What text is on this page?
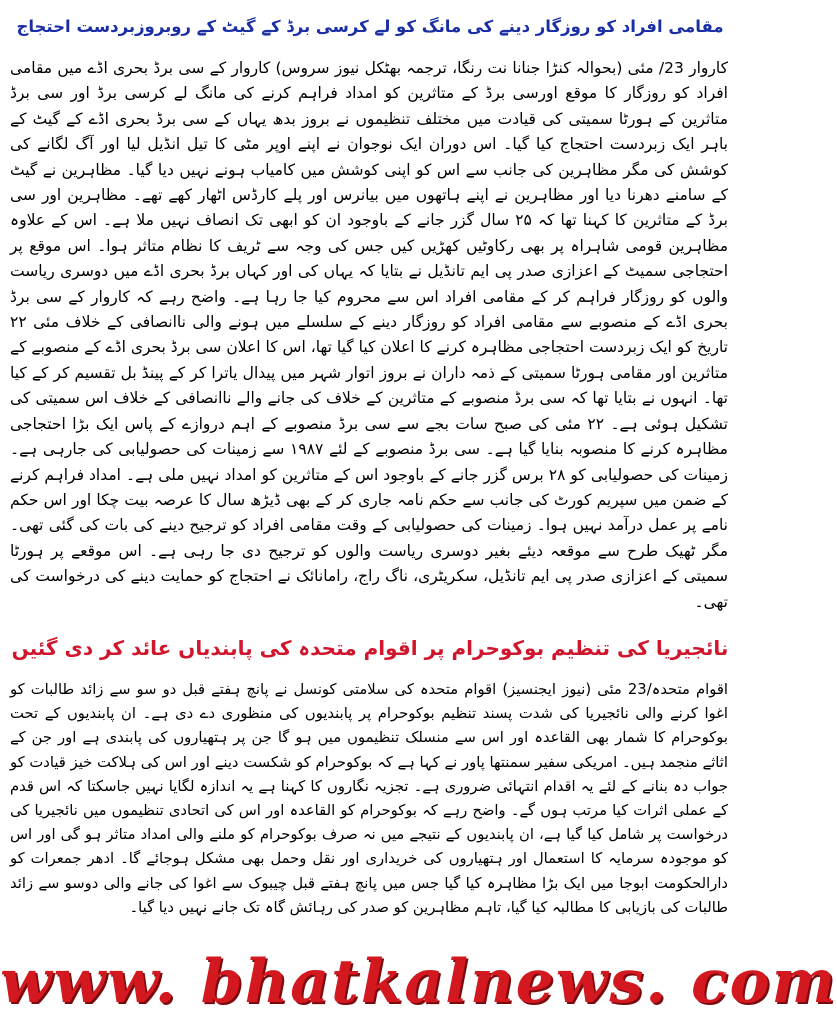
مقامی افراد کو روزگار دینے کی مانگ کو لے کرسی برڈ کے گیٹ کے روبروزبردست احتجاج
کاروار 23/ مئی (بحوالہ کنڑا جنانا نت رنگا، ترجمہ بھٹکل نیوز سروس) کاروار کے سی برڈ بحری اڈے میں مقامی افراد کو روزگار کا موقع اورسی برڈ کے متاثرین کو امداد فراہم کرنے کی مانگ لے کرسی برڈ اور سی برڈ متاثرین کے ہورٹا سمیتی کی قیادت میں مختلف تنظیموں نے بروز بدھ یہاں کے سی برڈ بحری اڈے کے گیٹ کے باہر ایک زبردست احتجاج کیا گیا۔ اس دوران ایک نوجوان نے اپنے اوپر مٹی کا تیل انڈیل لیا اور آگ لگانے کی کوشش کی مگر مظاہرین کی جانب سے اس کو اپنی کوشش میں کامیاب ہونے نہیں دیا گیا۔ مظاہرین نے گیٹ کے سامنے دھرنا دیا اور مظاہرین نے اپنے ہاتھوں میں بیانرس اور پلے کارڈس اٹھار کھے تھے۔ مظاہرین اور سی برڈ کے متاثرین کا کہنا تھا کہ ۲۵ سال گزر جانے کے باوجود ان کو ابھی تک انصاف نہیں ملا ہے۔ اس کے علاوہ مظاہرین قومی شاہراہ پر بھی رکاوٹیں کھڑیں کیں جس کی وجہ سے ٹریف کا نظام متاثر ہوا۔ اس موقع پر احتجاجی سمیٹ کے اعزازی صدر پی ایم تانڈیل نے بتایا کہ یہاں کی اور کہاں برڈ بحری اڈے میں دوسری ریاست والوں کو روزگار فراہم کر کے مقامی افراد اس سے محروم کیا جا رہا ہے۔ واضح رہے کہ کاروار کے سی برڈ بحری اڈے کے منصوبے سے مقامی افراد کو روزگار دینے کے سلسلے میں ہونے والی ناانصافی کے خلاف مئی ۲۲ تاریخ کو ایک زبردست احتجاجی مظاہرہ کرنے کا اعلان کیا گیا تھا، اس کا اعلان سی برڈ بحری اڈے کے منصوبے کے متاثرین اور مقامی ہورٹا سمیتی کے ذمہ داران نے بروز اتوار شہر میں پیدال یاترا کر کے پینڈ بل تقسیم کر کے کیا تھا۔ انہوں نے بتایا تھا کہ سی برڈ منصوبے کے متاثرین کے خلاف کی جانے والے ناانصافی کے خلاف اس سمیتی کی تشکیل ہوئی ہے۔ ۲۲ مئی کی صبح سات بجے سے سی برڈ منصوبے کے اہم دروازے کے پاس ایک بڑا احتجاجی مظاہرہ کرنے کا منصوبہ بنایا گیا ہے۔ سی برڈ منصوبے کے لئے ۱۹۸۷ سے زمینات کی حصولیابی کی جارہی ہے۔ زمینات کی حصولیابی کو ۲۸ برس گزر جانے کے باوجود اس کے متاثرین کو امداد نہیں ملی ہے۔ امداد فراہم کرنے کے ضمن میں سپریم کورٹ کی جانب سے حکم نامہ جاری کر کے بھی ڈیڑھ سال کا عرصہ بیت چکا اور اس حکم نامے پر عمل درآمد نہیں ہوا۔ زمینات کی حصولیابی کے وقت مقامی افراد کو ترجیح دینے کی بات کی گئی تھی۔ مگر ٹھیک طرح سے موقعہ دیئے بغیر دوسری ریاست والوں کو ترجیح دی جا رہی ہے۔ اس موقعے پر ہورٹا سمیتی کے اعزازی صدر پی ایم تانڈیل، سکریٹری، ناگ راج، رامانائک نے احتجاج کو حمایت دینے کی درخواست کی تھی۔
نائجیریا کی تنظیم بوکوحرام پر اقوام متحدہ کی پابندیاں عائد کر دی گئیں
اقوام متحدہ/23 مئی (نیوز ایجنسیز) اقوام متحدہ کی سلامتی کونسل نے پانچ ہفتے قبل دو سو سے زائد طالبات کو اغوا کرنے والی نائجیریا کی شدت پسند تنظیم بوکوحرام پر پابندیوں کی منظوری دے دی ہے۔ ان پابندیوں کے تحت بوکوحرام کا شمار بھی القاعدہ اور اس سے منسلک تنظیموں میں ہو گا جن پر ہتھیاروں کی پابندی ہے اور جن کے اثاثے منجمد ہیں۔ امریکی سفیر سمنتھا پاور نے کہا ہے کہ بوکوحرام کو شکست دینے اور اس کی ہلاکت خیز قیادت کو جواب دہ بنانے کے لئے یہ اقدام انتہائی ضروری ہے۔ تجزیہ نگاروں کا کہنا ہے یہ اندازہ لگایا نہیں جاسکتا کہ اس قدم کے عملی اثرات کیا مرتب ہوں گے۔ واضح رہے کہ بوکوحرام کو القاعدہ اور اس کی اتحادی تنظیموں میں نائجیریا کی درخواست پر شامل کیا گیا ہے، ان پابندیوں کے نتیجے میں نہ صرف بوکوحرام کو ملنے والی امداد متاثر ہو گی اور اس کو موجودہ سرمایہ کا استعمال اور ہتھیاروں کی خریداری اور نقل وحمل بھی مشکل ہوجائے گا۔ ادھر جمعرات کو دارالحکومت ابوجا میں ایک بڑا مظاہرہ کیا گیا جس میں پانچ ہفتے قبل چیبوک سے اغوا کی جانے والی دوسو سے زائد طالبات کی بازیابی کا مطالبہ کیا گیا، تاہم مظاہرین کو صدر کی رہائش گاہ تک جانے نہیں دیا گیا۔
www. bhatkalnews. com
